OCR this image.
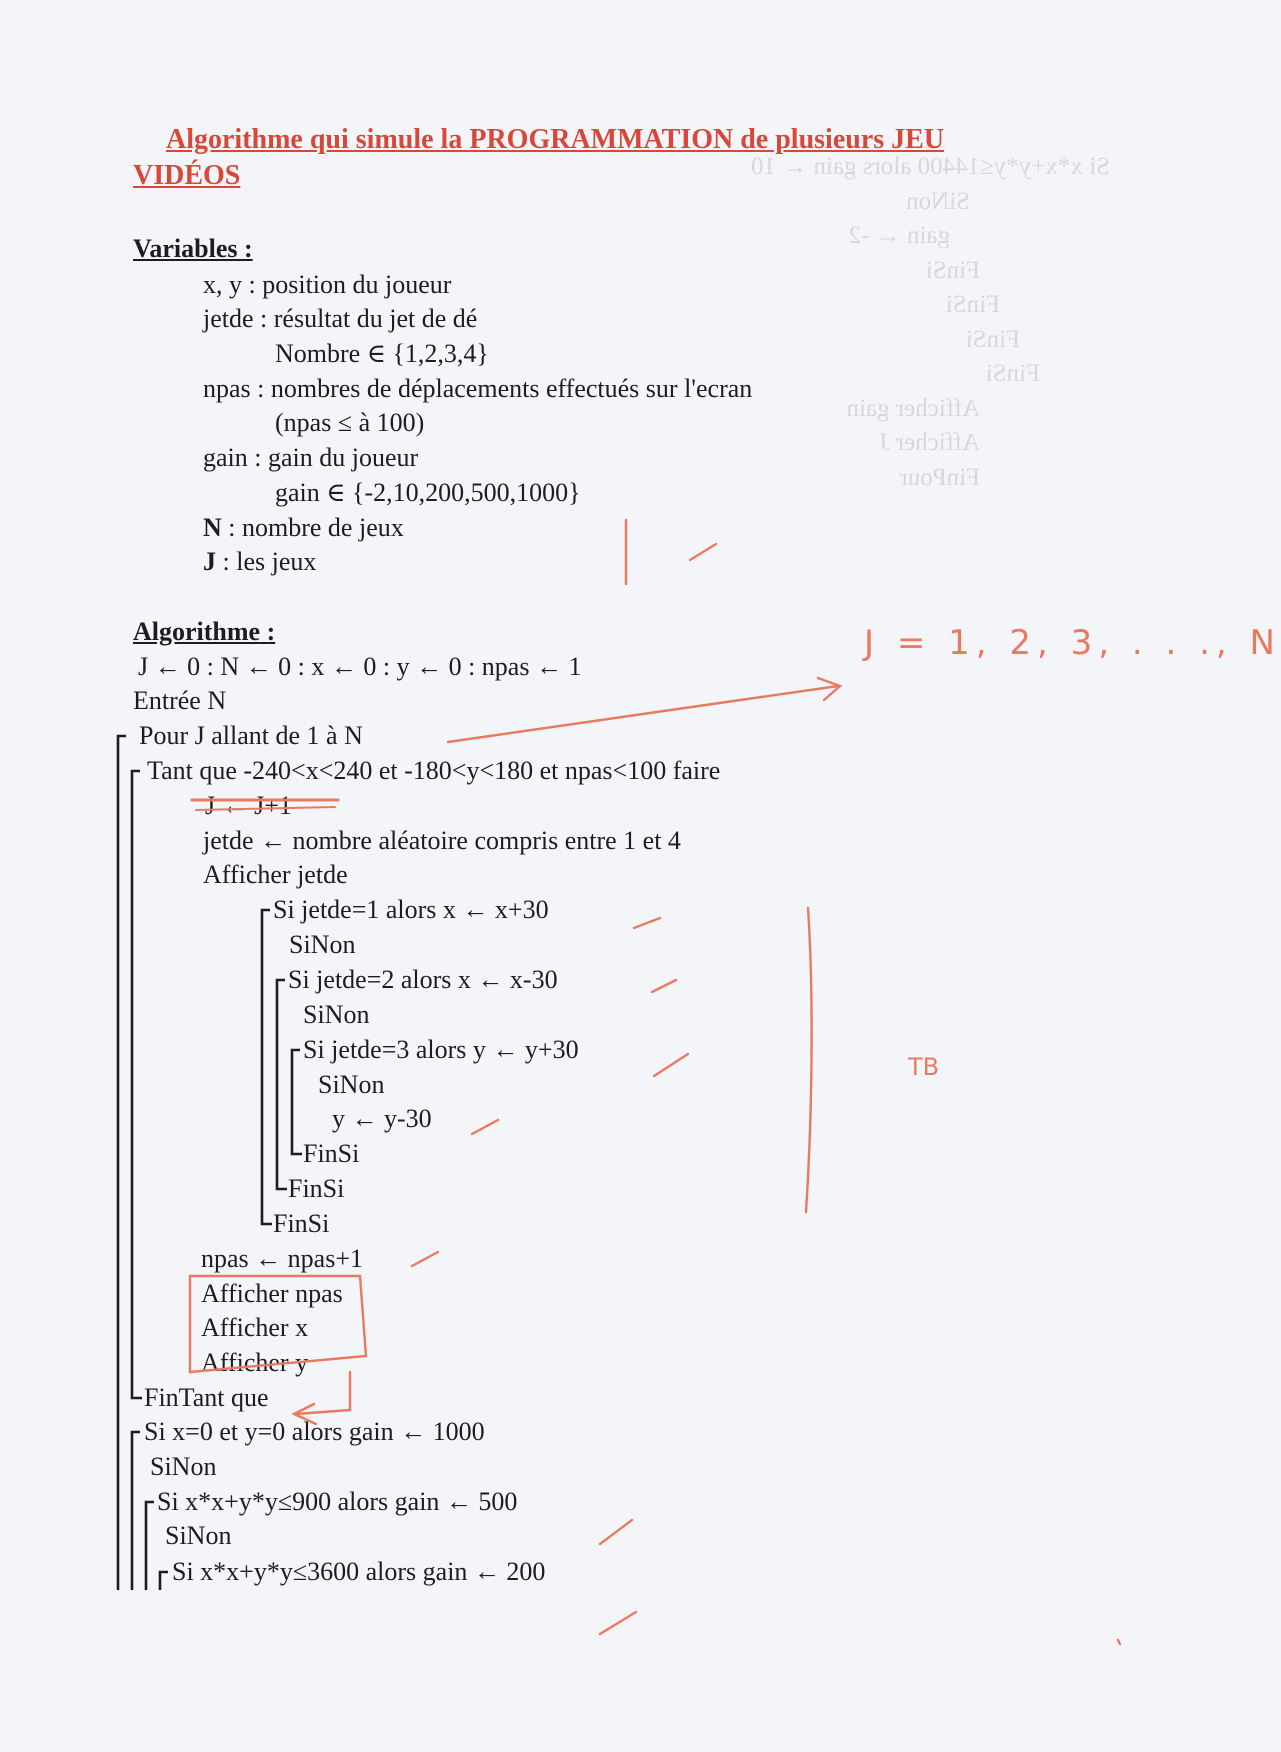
Si x*x+y*y≤14400 alors gain ← 10
SiNon
gain ← -2
FinSi
FinSi
FinSi
FinSi
Afficher gain
Afficher J
FinPour
Algorithme qui simule la PROGRAMMATION de plusieurs JEU
VIDÉOS
Variables :
x, y : position du joueur
jetde : résultat du jet de dé
Nombre ∈ {1,2,3,4}
npas : nombres de déplacements effectués sur l'ecran
(npas ≤ à 100)
gain : gain du joueur
gain ∈ {-2,10,200,500,1000}
N : nombre de jeux
J : les jeux
Algorithme :
J ← 0 : N ← 0 : x ← 0 : y ← 0 : npas ← 1
Entrée N
Pour J allant de 1 à N
Tant que -240<x<240 et -180<y<180 et npas<100 faire
J ← J+1
jetde ← nombre aléatoire compris entre 1 et 4
Afficher jetde
Si jetde=1 alors x ← x+30
SiNon
Si jetde=2 alors x ← x-30
SiNon
Si jetde=3 alors y ← y+30
SiNon
y ← y-30
FinSi
FinSi
FinSi
npas ← npas+1
Afficher npas
Afficher x
Afficher y
FinTant que
Si x=0 et y=0 alors gain ← 1000
SiNon
Si x*x+y*y≤900 alors gain ← 500
SiNon
Si x*x+y*y≤3600 alors gain ← 200
J = 1, 2, 3, . . ., N
TB
